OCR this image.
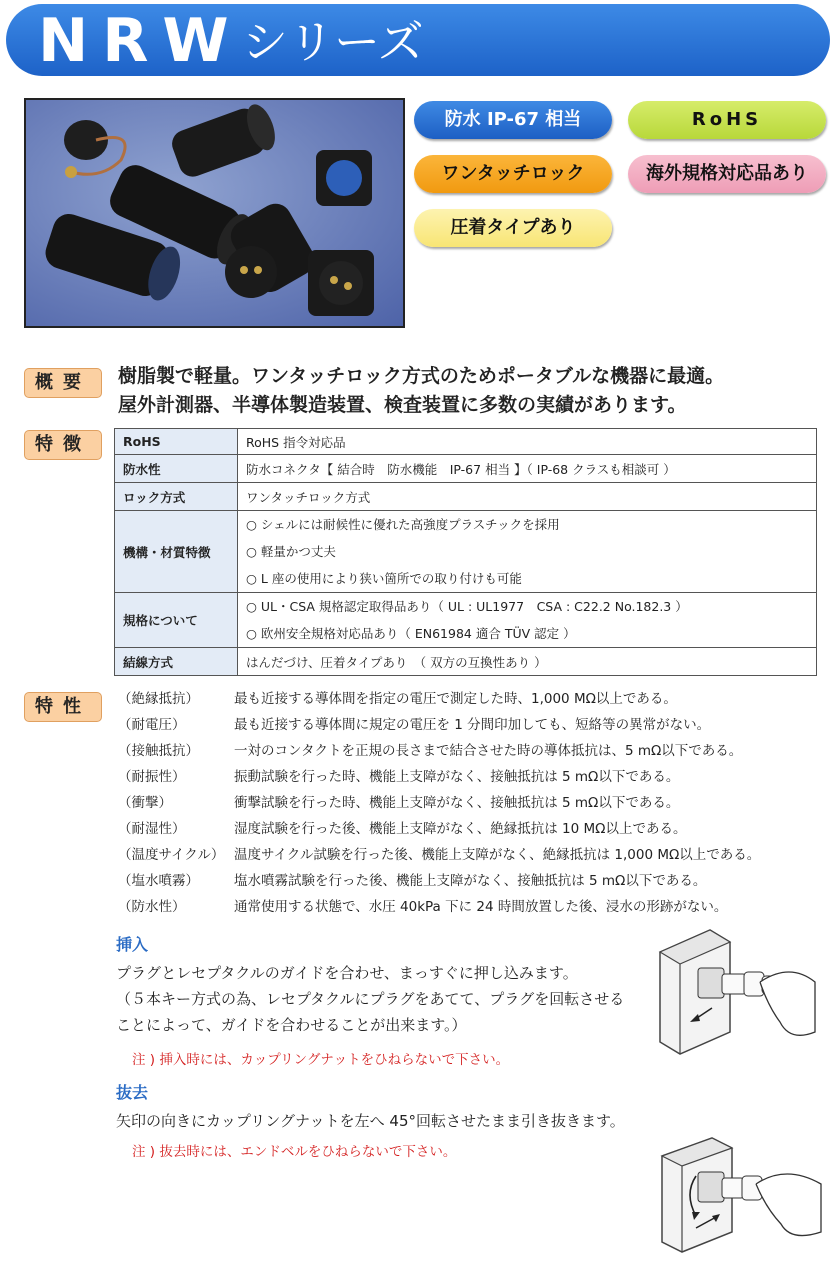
NRW シリーズ
防水 IP-67 相当	RoHS
ワンタッチロック	海外規格対応品あり
圧着タイプあり
概要	樹脂製で軽量。ワンタッチロック方式のためポータブルな機器に最適。
屋外計測器、半導体製造装置、検査装置に多数の実績があります。
特徴	RoHS	RoHS 指令対応品
防水性	防水コネクタ【 結合時　防水機能　IP-67 相当 】（ IP-68 クラスも相談可 ）
ロック方式	ワンタッチロック方式
機構・材質特徴	○ シェルには耐候性に優れた高強度プラスチックを採用
○ 軽量かつ丈夫
○ L 座の使用により狭い箇所での取り付けも可能

規格について	○ UL・CSA 規格認定取得品あり（ UL : UL1977　CSA : C22.2 No.182.3 ）
○ 欧州安全規格対応品あり（ EN61984 適合 TÜV 認定 ）

結線方式	はんだづけ、圧着タイプあり　（ 双方の互換性あり ）
特性	（絶縁抵抗）	最も近接する導体間を指定の電圧で測定した時、1,000 MΩ以上である。
（耐電圧）	最も近接する導体間に規定の電圧を 1 分間印加しても、短絡等の異常がない。
（接触抵抗）	一対のコンタクトを正規の長さまで結合させた時の導体抵抗は、5 mΩ以下である。
（耐振性）	振動試験を行った時、機能上支障がなく、接触抵抗は 5 mΩ以下である。
（衝撃）	衝撃試験を行った時、機能上支障がなく、接触抵抗は 5 mΩ以下である。
（耐湿性）	湿度試験を行った後、機能上支障がなく、絶縁抵抗は 10 MΩ以上である。
（温度サイクル） 温度サイクル試験を行った後、機能上支障がなく、絶縁抵抗は 1,000 MΩ以上である。
（塩水噴霧）	塩水噴霧試験を行った後、機能上支障がなく、接触抵抗は 5 mΩ以下である。
（防水性）	通常使用する状態で、水圧 40kPa 下に 24 時間放置した後、浸水の形跡がない。
挿入
プラグとレセプタクルのガイドを合わせ、まっすぐに押し込みます。
（５本キー方式の為、レセプタクルにプラグをあてて、プラグを回転させる
ことによって、ガイドを合わせることが出来ます。）
注 ) 挿入時には、カップリングナットをひねらないで下さい。
抜去
矢印の向きにカップリングナットを左へ 45°回転させたまま引き抜きます。
注 ) 抜去時には、エンドベルをひねらないで下さい。
